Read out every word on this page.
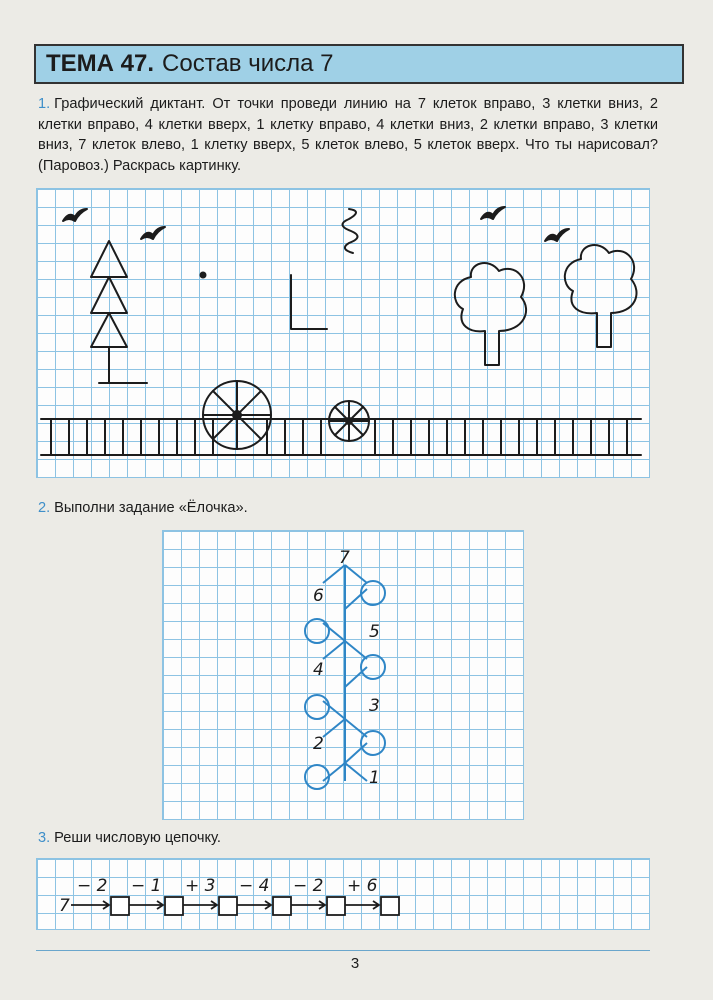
ТЕМА 47. Состав числа 7
1. Графический диктант. От точки проведи линию на 7 клеток вправо, 3 клетки вниз, 2 клетки вправо, 4 клетки вверх, 1 клетку вправо, 4 клетки вниз, 2 клетки вправо, 3 клетки вниз, 7 клеток влево, 1 клетку вверх, 5 клеток влево, 5 клеток вверх. Что ты нарисовал? (Паровоз.) Раскрась картинку.
2. Выполни задание «Ёлочка».
7
6
4
2
5
3
1
3. Реши числовую цепочку.
7
− 2 − 1 + 3 − 4 − 2 + 6
3
